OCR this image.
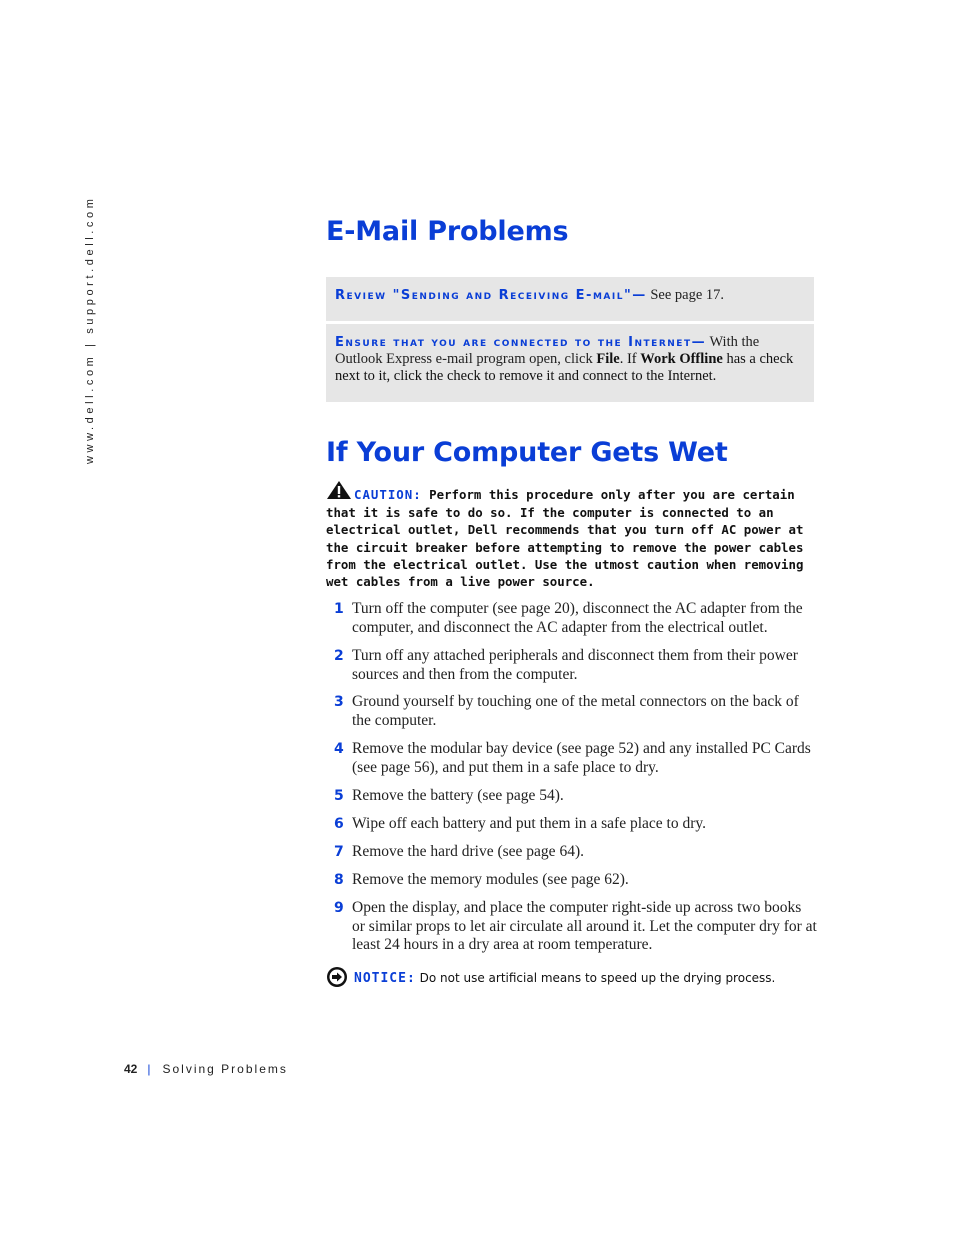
www.dell.com | support.dell.com	E-Mail Problems
Review "Sending and Receiving E-mail"— See page 17.
Ensure that you are connected to the Internet— With the Outlook Express e-mail program open, click File. If Work Offline has a check next to it, click the check to remove it and connect to the Internet.
If Your Computer Gets Wet
CAUTION: Perform this procedure only after you are certain that it is safe to do so. If the computer is connected to an electrical outlet, Dell recommends that you turn off AC power at the circuit breaker before attempting to remove the power cables from the electrical outlet. Use the utmost caution when removing wet cables from a live power source.
1 Turn off the computer (see page 20), disconnect the AC adapter from the computer, and disconnect the AC adapter from the electrical outlet.
2 Turn off any attached peripherals and disconnect them from their power sources and then from the computer.
3 Ground yourself by touching one of the metal connectors on the back of the computer.
4 Remove the modular bay device (see page 52) and any installed PC Cards (see page 56), and put them in a safe place to dry.
5 Remove the battery (see page 54).
6 Wipe off each battery and put them in a safe place to dry.
7 Remove the hard drive (see page 64).
8 Remove the memory modules (see page 62).
9 Open the display, and place the computer right-side up across two books or similar props to let air circulate all around it. Let the computer dry for at least 24 hours in a dry area at room temperature.
NOTICE: Do not use artificial means to speed up the drying process.
42 | Solving Problems
